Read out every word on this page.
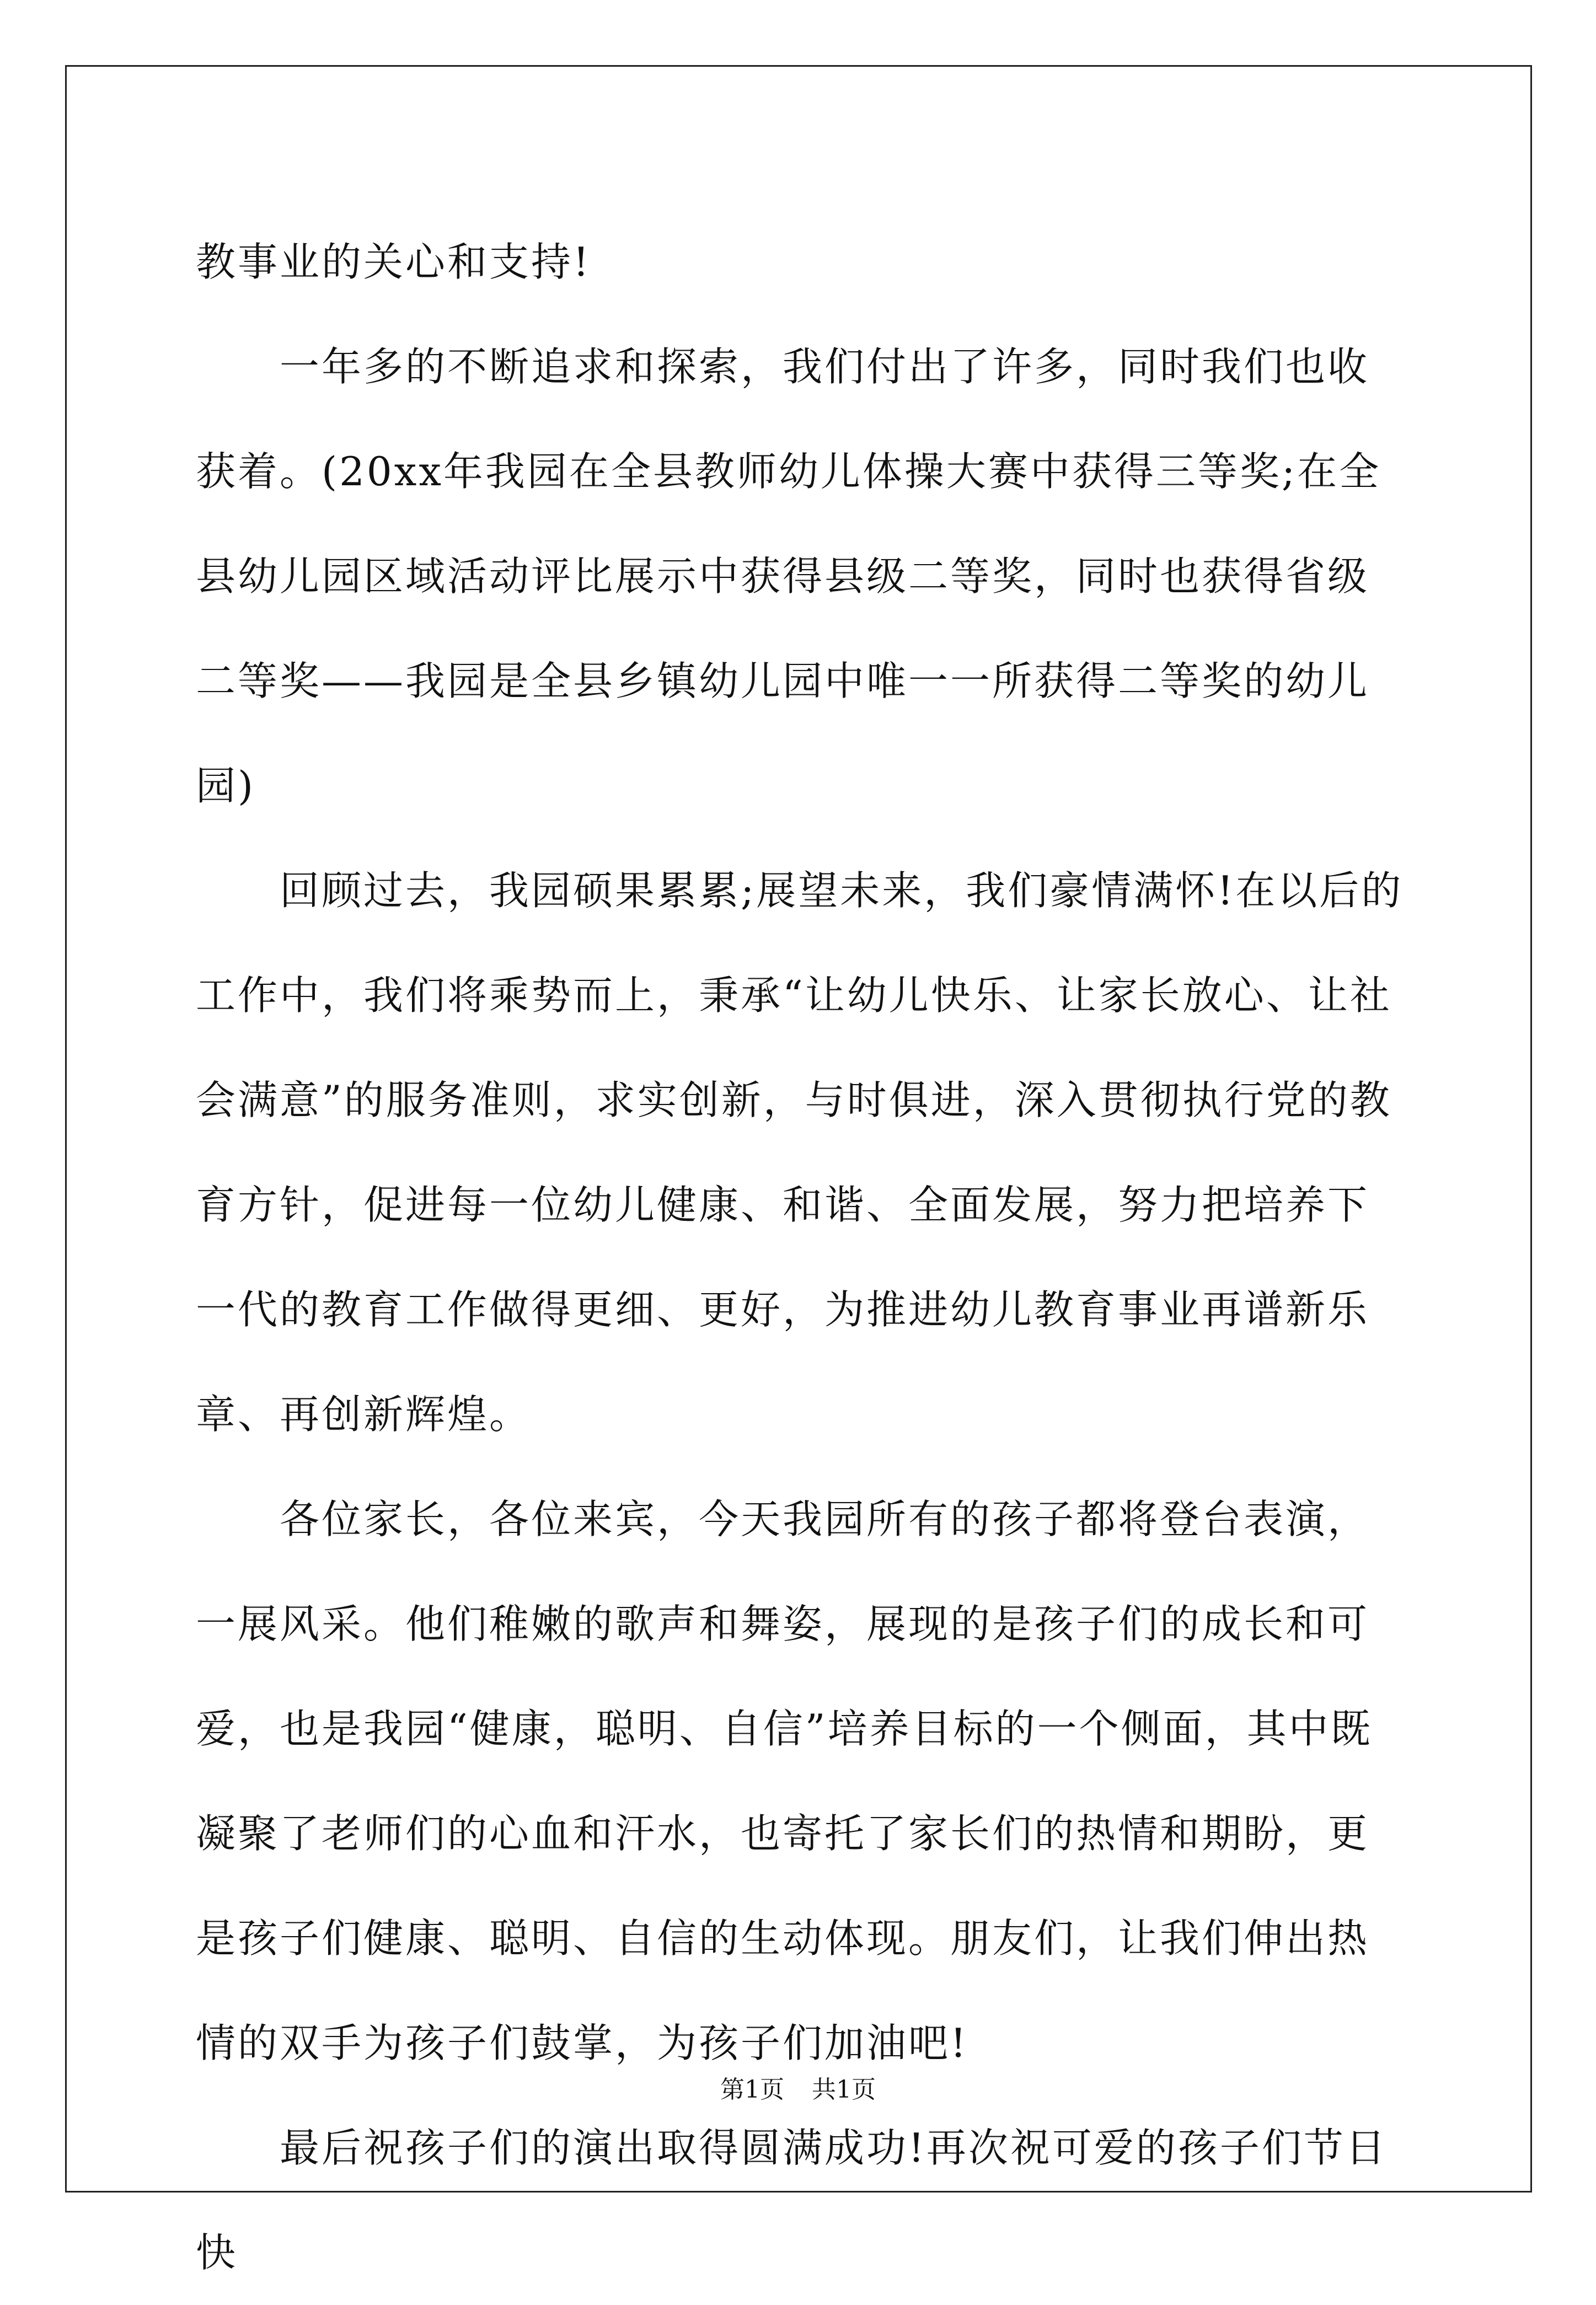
教事业的关心和支持!

一年多的不断追求和探索，我们付出了许多，同时我们也收获着。(20xx年我园在全县教师幼儿体操大赛中获得三等奖;在全县幼儿园区域活动评比展示中获得县级二等奖，同时也获得省级二等奖——我园是全县乡镇幼儿园中唯一一所获得二等奖的幼儿园)

回顾过去，我园硕果累累;展望未来，我们豪情满怀!在以后的工作中，我们将乘势而上，秉承“让幼儿快乐、让家长放心、让社会满意”的服务准则，求实创新，与时俱进，深入贯彻执行党的教育方针，促进每一位幼儿健康、和谐、全面发展，努力把培养下一代的教育工作做得更细、更好，为推进幼儿教育事业再谱新乐章、再创新辉煌。

各位家长，各位来宾，今天我园所有的孩子都将登台表演，一展风采。他们稚嫩的歌声和舞姿，展现的是孩子们的成长和可爱，也是我园“健康，聪明、自信”培养目标的一个侧面，其中既凝聚了老师们的心血和汗水，也寄托了家长们的热情和期盼，更是孩子们健康、聪明、自信的生动体现。朋友们，让我们伸出热情的双手为孩子们鼓掌，为孩子们加油吧!

最后祝孩子们的演出取得圆满成功!再次祝可爱的孩子们节日快

第1页 共1页
